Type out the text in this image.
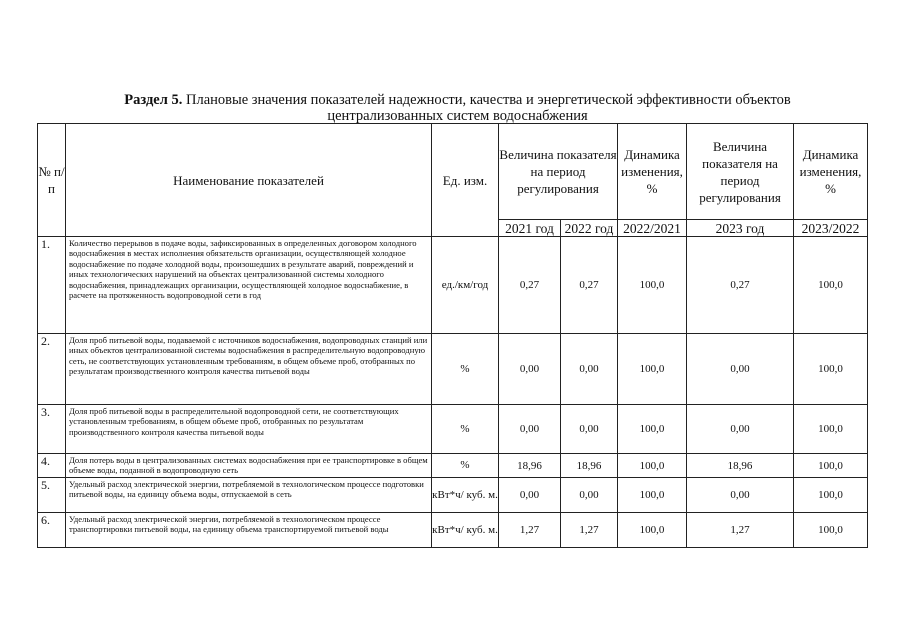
Раздел 5. Плановые значения показателей надежности, качества и энергетической эффективности объектов
централизованных систем водоснабжения
№ п/п	Наименование показателей	Ед. изм.	Величина показателя на период регулирования		Динамика изменения, %	Величина показателя на период регулирования	Динамика изменения, %
			2021 год	2022 год	2022/2021	2023 год	2023/2022
1.	Количество перерывов в подаче воды, зафиксированных в определенных договором холодного водоснабжения в местах исполнения обязательств организации, осуществляющей холодное водоснабжение по подаче холодной воды, произошедших в результате аварий, повреждений и иных технологических нарушений на объектах централизованной системы холодного водоснабжения, принадлежащих организации, осуществляющей холодное водоснабжение, в расчете на протяженность водопроводной сети в год	ед./км/год	0,27	0,27	100,0	0,27	100,0
2.	Доля проб питьевой воды, подаваемой с источников водоснабжения, водопроводных станций или иных объектов централизованной системы водоснабжения в распределительную водопроводную сеть, не соответствующих установленным требованиям, в общем объеме проб, отобранных по результатам производственного контроля качества питьевой воды	%	0,00	0,00	100,0	0,00	100,0
3.	Доля проб питьевой воды в распределительной водопроводной сети, не соответствующих установленным требованиям, в общем объеме проб, отобранных по результатам производственного контроля качества питьевой воды	%	0,00	0,00	100,0	0,00	100,0
4.	Доля потерь воды в централизованных системах водоснабжения при ее транспортировке в общем объеме воды, поданной в водопроводную сеть	%	18,96	18,96	100,0	18,96	100,0
5.	Удельный расход электрической энергии, потребляемой в технологическом процессе подготовки питьевой воды, на единицу объема воды, отпускаемой в сеть	кВт*ч/ куб. м.	0,00	0,00	100,0	0,00	100,0
6.	Удельный расход электрической энергии, потребляемой в технологическом процессе транспортировки питьевой воды, на единицу объема транспортируемой питьевой воды	кВт*ч/ куб. м.	1,27	1,27	100,0	1,27	100,0
